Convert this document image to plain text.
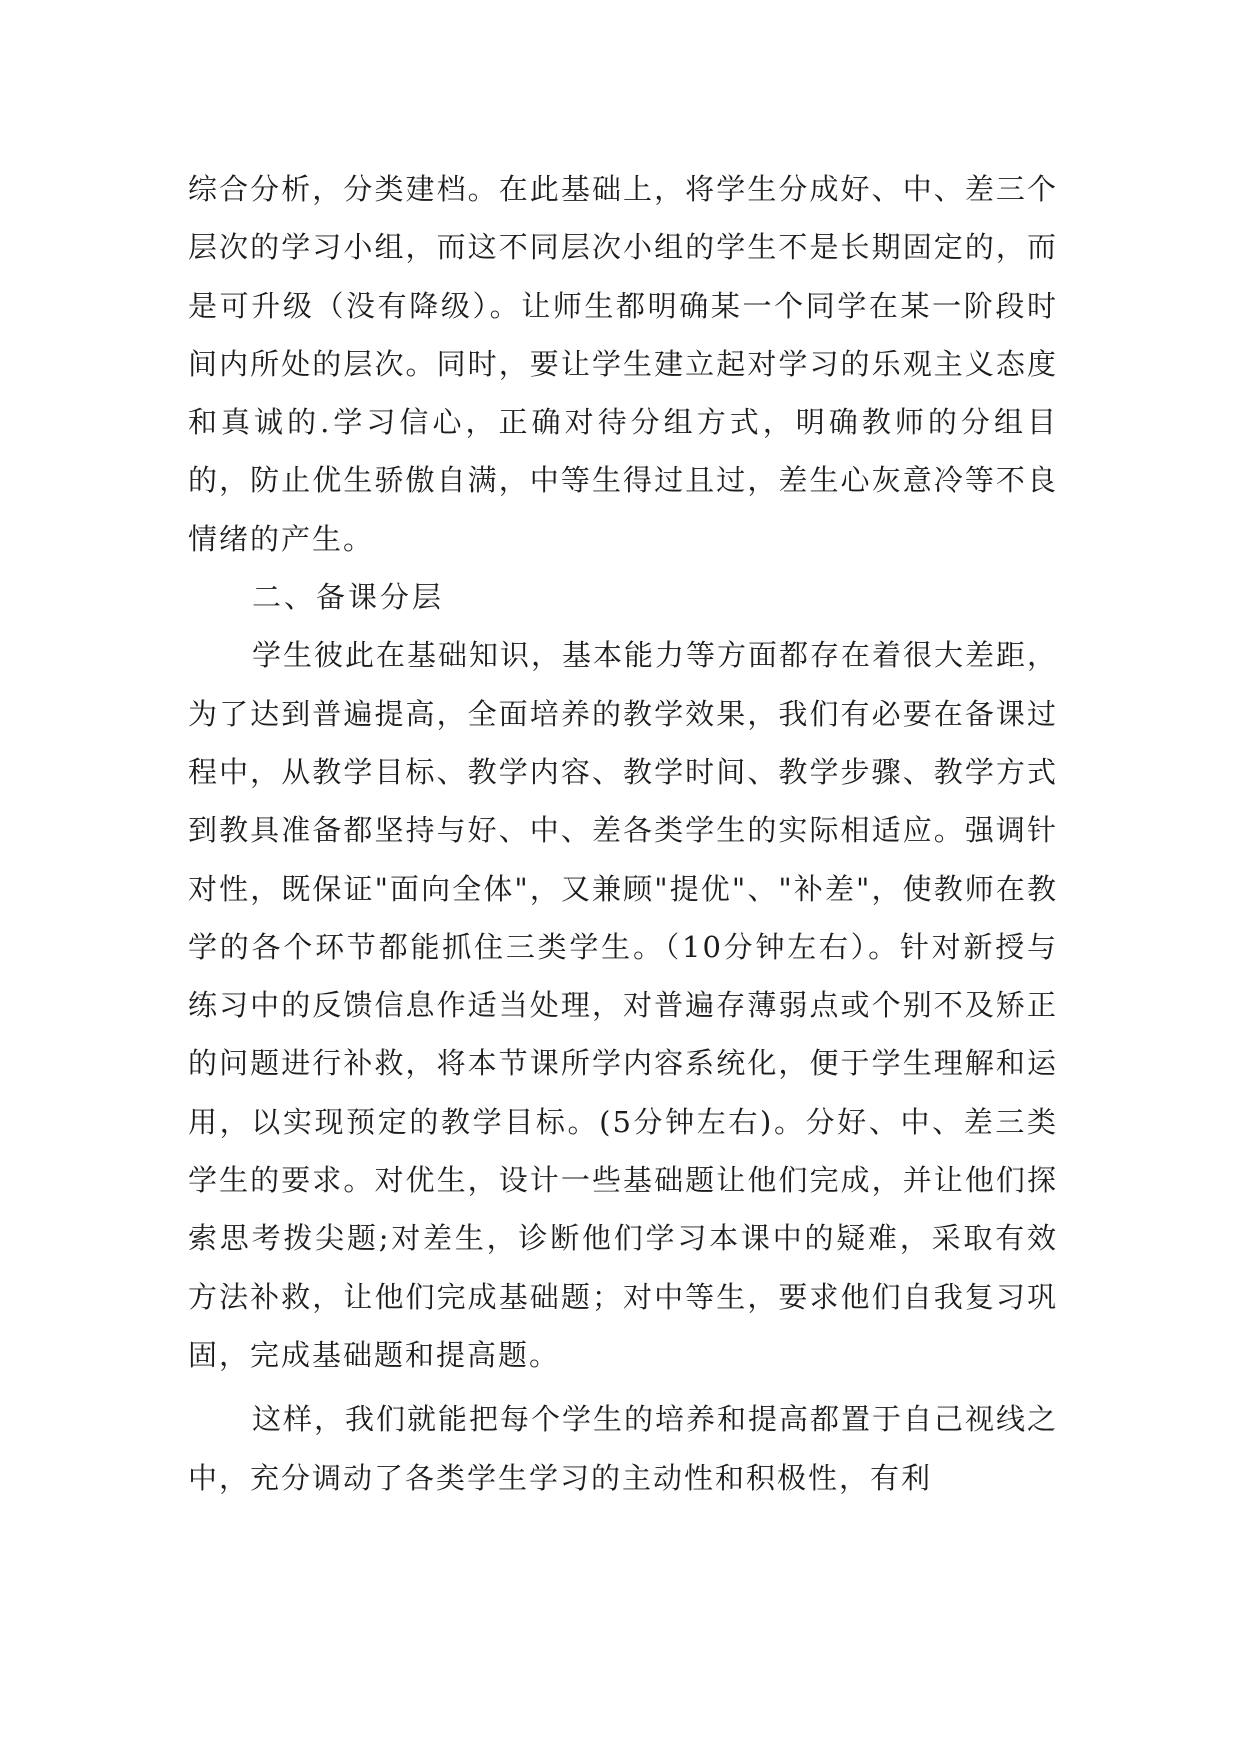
综合分析，分类建档。在此基础上，将学生分成好、中、差三个层次的学习小组，而这不同层次小组的学生不是长期固定的，而是可升级（没有降级）。让师生都明确某一个同学在某一阶段时间内所处的层次。同时，要让学生建立起对学习的乐观主义态度和真诚的.学习信心，正确对待分组方式，明确教师的分组目的，防止优生骄傲自满，中等生得过且过，差生心灰意冷等不良情绪的产生。

二、备课分层

学生彼此在基础知识，基本能力等方面都存在着很大差距，为了达到普遍提高，全面培养的教学效果，我们有必要在备课过程中，从教学目标、教学内容、教学时间、教学步骤、教学方式到教具准备都坚持与好、中、差各类学生的实际相适应。强调针对性，既保证"面向全体"，又兼顾"提优"、"补差"，使教师在教学的各个环节都能抓住三类学生。（10分钟左右）。针对新授与练习中的反馈信息作适当处理，对普遍存薄弱点或个别不及矫正的问题进行补救，将本节课所学内容系统化，便于学生理解和运用，以实现预定的教学目标。(5分钟左右)。分好、中、差三类学生的要求。对优生，设计一些基础题让他们完成，并让他们探索思考拨尖题;对差生，诊断他们学习本课中的疑难，采取有效方法补救，让他们完成基础题；对中等生，要求他们自我复习巩固，完成基础题和提高题。

这样，我们就能把每个学生的培养和提高都置于自己视线之中，充分调动了各类学生学习的主动性和积极性，有利
